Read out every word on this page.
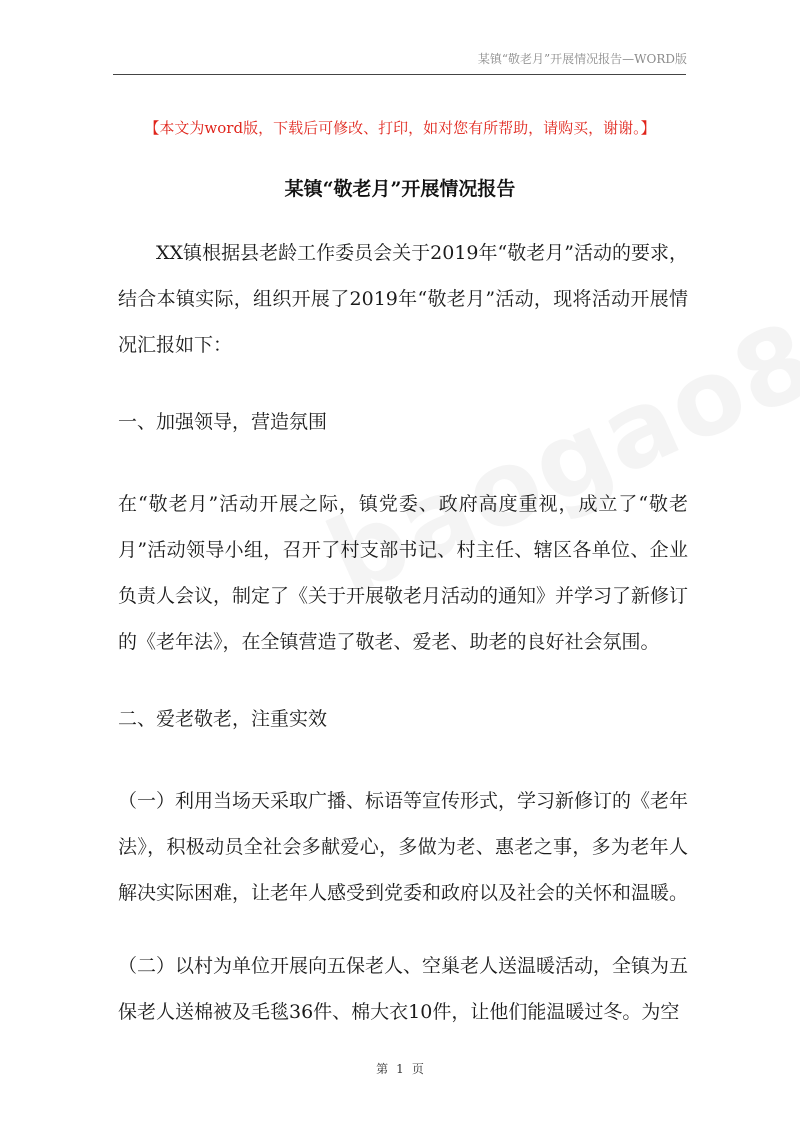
某镇“敬老月”开展情况报告—WORD版
【本文为word版，下载后可修改、打印，如对您有所帮助，请购买，谢谢。】
某镇“敬老月”开展情况报告
XX镇根据县老龄工作委员会关于2019年“敬老月”活动的要求，结合本镇实际，组织开展了2019年“敬老月”活动，现将活动开展情况汇报如下：
一、加强领导，营造氛围
在“敬老月”活动开展之际，镇党委、政府高度重视，成立了“敬老月”活动领导小组，召开了村支部书记、村主任、辖区各单位、企业负责人会议，制定了《关于开展敬老月活动的通知》并学习了新修订的《老年法》，在全镇营造了敬老、爱老、助老的良好社会氛围。
二、爱老敬老，注重实效
（一）利用当场天采取广播、标语等宣传形式，学习新修订的《老年法》，积极动员全社会多献爱心，多做为老、惠老之事，多为老年人解决实际困难，让老年人感受到党委和政府以及社会的关怀和温暖。
（二）以村为单位开展向五保老人、空巢老人送温暖活动，全镇为五保老人送棉被及毛毯36件、棉大衣10件，让他们能温暖过冬。为空
第 1 页
